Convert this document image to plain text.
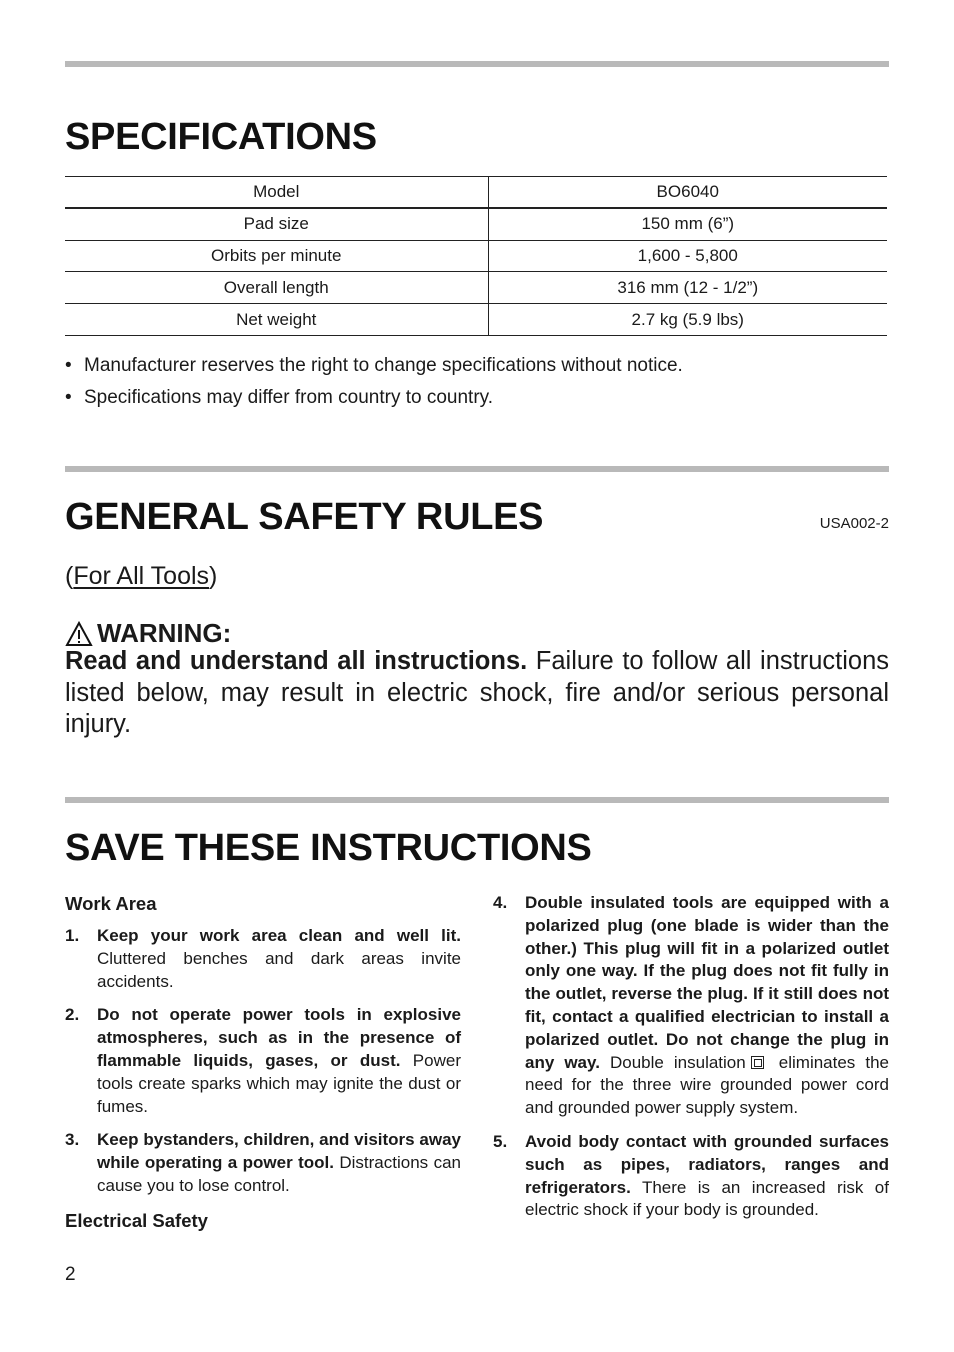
SPECIFICATIONS
Model	BO6040
Pad size	150 mm (6”)
Orbits per minute	1,600 - 5,800
Overall length	316 mm (12 - 1/2”)
Net weight	2.7 kg (5.9 lbs)
• Manufacturer reserves the right to change specifications without notice.
• Specifications may differ from country to country.
GENERAL SAFETY RULES	USA002-2
(For All Tools)
WARNING:
Read and understand all instructions. Failure to follow all instructions listed below, may result in electric shock, fire and/or serious personal injury.
SAVE THESE INSTRUCTIONS
Work Area
1.	Keep your work area clean and well lit. Cluttered benches and dark areas invite accidents.
2.	Do not operate power tools in explosive atmospheres, such as in the presence of flammable liquids, gases, or dust. Power tools create sparks which may ignite the dust or fumes.
3.	Keep bystanders, children, and visitors away while operating a power tool. Distractions can cause you to lose control.
Electrical Safety
4.	Double insulated tools are equipped with a polarized plug (one blade is wider than the other.) This plug will fit in a polarized outlet only one way. If the plug does not fit fully in the outlet, reverse the plug. If it still does not fit, contact a qualified electrician to install a polarized outlet. Do not change the plug in any way. Double insulation eliminates the need for the three wire grounded power cord and grounded power supply system.
5.	Avoid body contact with grounded surfaces such as pipes, radiators, ranges and refrigerators. There is an increased risk of electric shock if your body is grounded.
2
